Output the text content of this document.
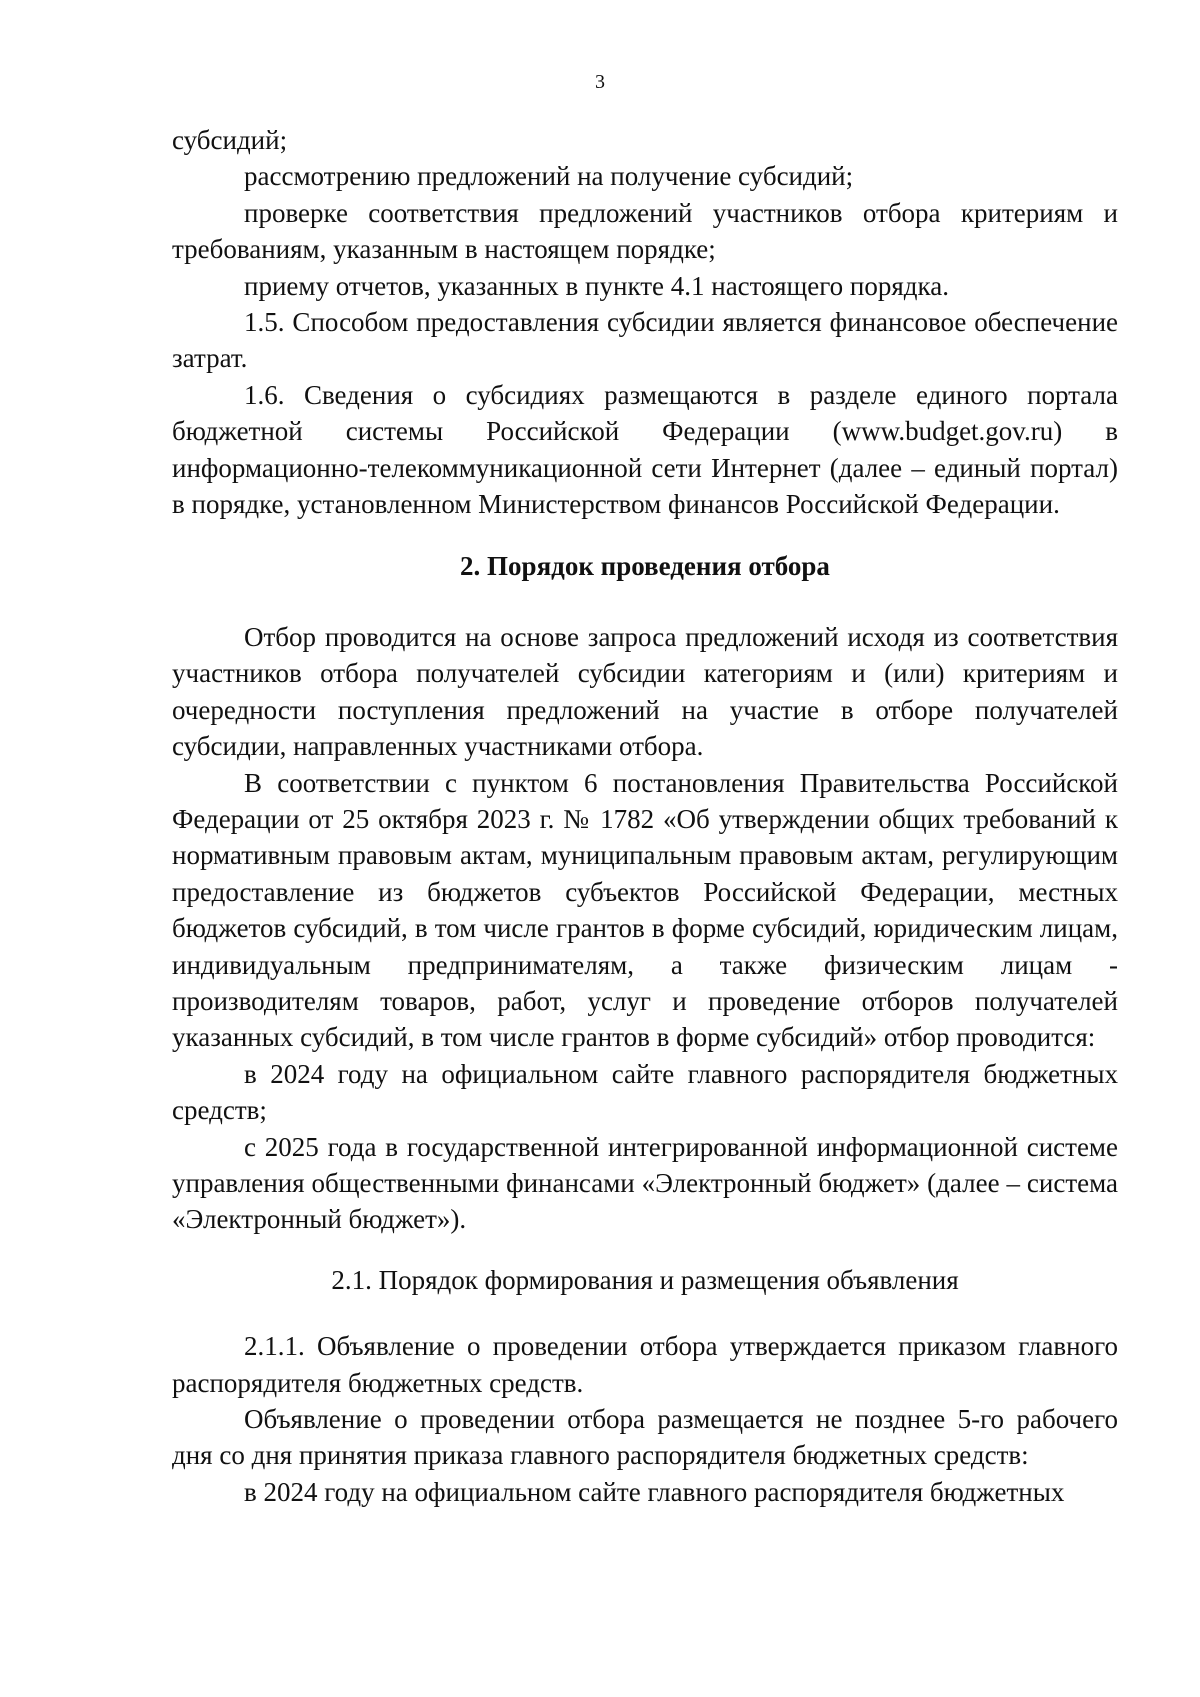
3

субсидий;

рассмотрению предложений на получение субсидий;

проверке соответствия предложений участников отбора критериям и требованиям, указанным в настоящем порядке;

приему отчетов, указанных в пункте 4.1 настоящего порядка.

1.5. Способом предоставления субсидии является финансовое обеспечение затрат.

1.6. Сведения о субсидиях размещаются в разделе единого портала бюджетной системы Российской Федерации (www.budget.gov.ru) в информационно-телекоммуникационной сети Интернет (далее – единый портал) в порядке, установленном Министерством финансов Российской Федерации.

2. Порядок проведения отбора

Отбор проводится на основе запроса предложений исходя из соответствия участников отбора получателей субсидии категориям и (или) критериям и очередности поступления предложений на участие в отборе получателей субсидии, направленных участниками отбора.

В соответствии с пунктом 6 постановления Правительства Российской Федерации от 25 октября 2023 г. № 1782 «Об утверждении общих требований к нормативным правовым актам, муниципальным правовым актам, регулирующим предоставление из бюджетов субъектов Российской Федерации, местных бюджетов субсидий, в том числе грантов в форме субсидий, юридическим лицам, индивидуальным предпринимателям, а также физическим лицам - производителям товаров, работ, услуг и проведение отборов получателей указанных субсидий, в том числе грантов в форме субсидий» отбор проводится:

в 2024 году на официальном сайте главного распорядителя бюджетных средств;

с 2025 года в государственной интегрированной информационной системе управления общественными финансами «Электронный бюджет» (далее – система «Электронный бюджет»).

2.1. Порядок формирования и размещения объявления

2.1.1. Объявление о проведении отбора утверждается приказом главного распорядителя бюджетных средств.

Объявление о проведении отбора размещается не позднее 5-го рабочего дня со дня принятия приказа главного распорядителя бюджетных средств:

в 2024 году на официальном сайте главного распорядителя бюджетных
